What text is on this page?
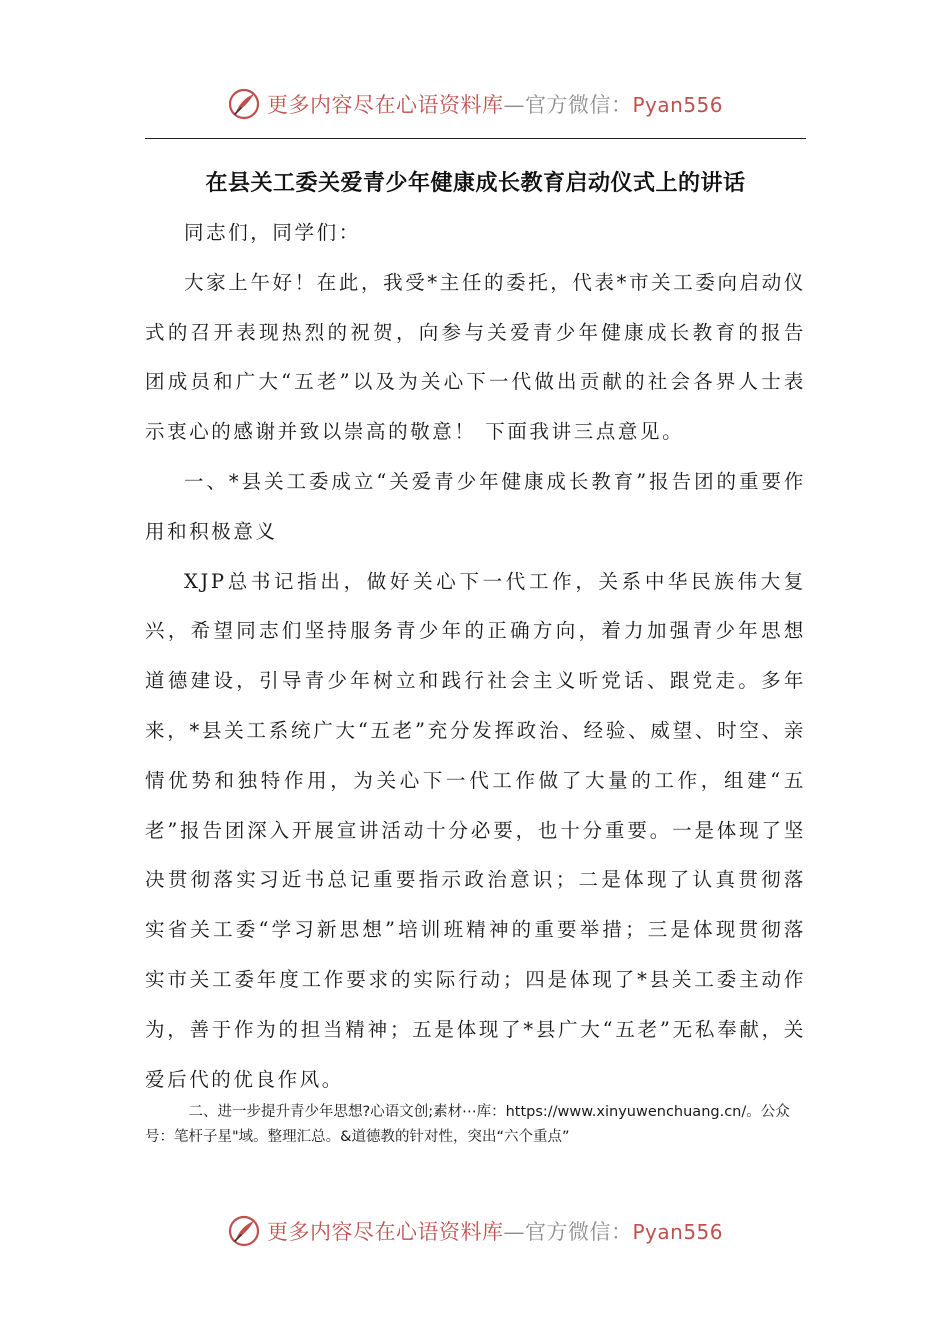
更多内容尽在心语资料库—官方微信：Pyan556
在县关工委关爱青少年健康成长教育启动仪式上的讲话

同志们，同学们：

大家上午好！在此，我受*主任的委托，代表*市关工委向启动仪式的召开表现热烈的祝贺，向参与关爱青少年健康成长教育的报告团成员和广大“五老”以及为关心下一代做出贡献的社会各界人士表示衷心的感谢并致以崇高的敬意！ 下面我讲三点意见。

一、*县关工委成立“关爱青少年健康成长教育”报告团的重要作用和积极意义

XJP总书记指出，做好关心下一代工作，关系中华民族伟大复兴，希望同志们坚持服务青少年的正确方向，着力加强青少年思想道德建设，引导青少年树立和践行社会主义听党话、跟党走。多年来，*县关工系统广大“五老”充分发挥政治、经验、威望、时空、亲情优势和独特作用，为关心下一代工作做了大量的工作，组建“五老”报告团深入开展宣讲活动十分必要，也十分重要。一是体现了坚决贯彻落实习近书总记重要指示政治意识；二是体现了认真贯彻落实省关工委“学习新思想”培训班精神的重要举措；三是体现贯彻落实市关工委年度工作要求的实际行动；四是体现了*县关工委主动作为，善于作为的担当精神；五是体现了*县广大“五老”无私奉献，关爱后代的优良作风。

二、进一步提升青少年思想?心语文创;素材⋯库：https://www.xinyuwenchuang.cn/。公众号：笔杆子星"域。整理汇总。&道德教的针对性，突出“六个重点”

更多内容尽在心语资料库—官方微信：Pyan556
